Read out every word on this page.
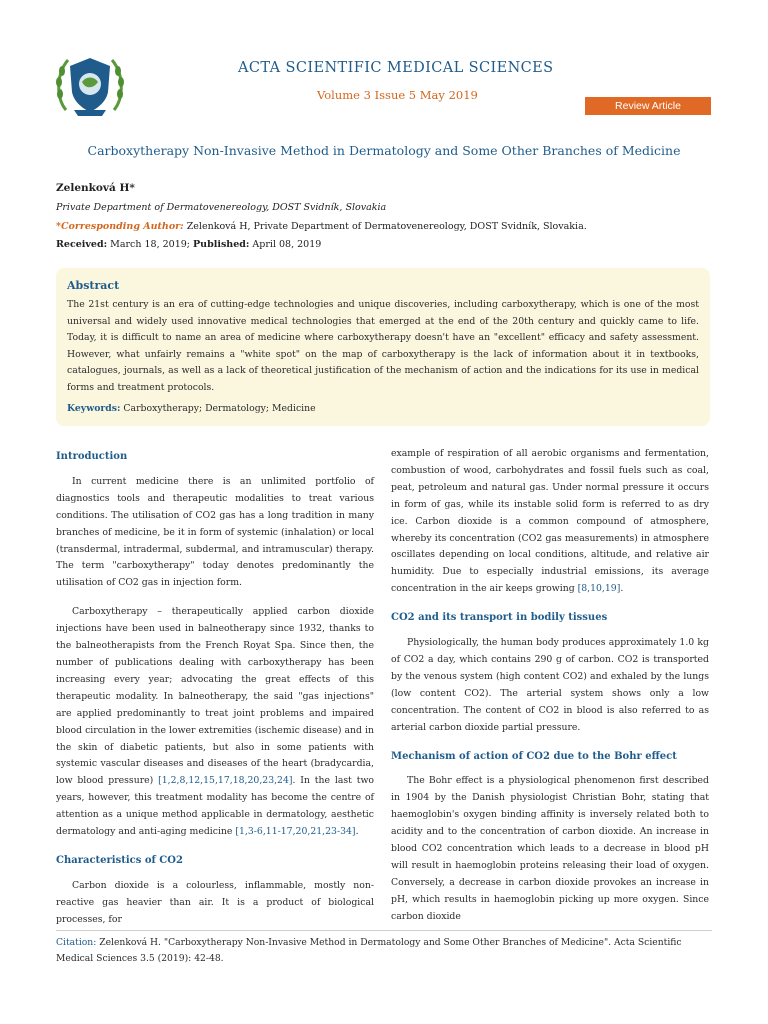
ACTA SCIENTIFIC MEDICAL SCIENCES
Volume 3 Issue 5 May 2019
Review Article
Carboxytherapy Non-Invasive Method in Dermatology and Some Other Branches of Medicine
Zelenková H*
Private Department of Dermatovenereology, DOST Svidník, Slovakia
*Corresponding Author: Zelenková H, Private Department of Dermatovenereology, DOST Svidník, Slovakia.
Received: March 18, 2019; Published: April 08, 2019
Abstract
The 21st century is an era of cutting-edge technologies and unique discoveries, including carboxytherapy, which is one of the most universal and widely used innovative medical technologies that emerged at the end of the 20th century and quickly came to life. Today, it is difficult to name an area of medicine where carboxytherapy doesn't have an "excellent" efficacy and safety assessment. However, what unfairly remains a "white spot" on the map of carboxytherapy is the lack of information about it in textbooks, catalogues, journals, as well as a lack of theoretical justification of the mechanism of action and the indications for its use in medical forms and treatment protocols.
Keywords: Carboxytherapy; Dermatology; Medicine
Introduction

In current medicine there is an unlimited portfolio of diagnostics tools and therapeutic modalities to treat various conditions. The utilisation of CO2 gas has a long tradition in many branches of medicine, be it in form of systemic (inhalation) or local (transdermal, intradermal, subdermal, and intramuscular) therapy. The term "carboxytherapy" today denotes predominantly the utilisation of CO2 gas in injection form.

Carboxytherapy – therapeutically applied carbon dioxide injections have been used in balneotherapy since 1932, thanks to the balneotherapists from the French Royat Spa. Since then, the number of publications dealing with carboxytherapy has been increasing every year; advocating the great effects of this therapeutic modality. In balneotherapy, the said "gas injections" are applied predominantly to treat joint problems and impaired blood circulation in the lower extremities (ischemic disease) and in the skin of diabetic patients, but also in some patients with systemic vascular diseases and diseases of the heart (bradycardia, low blood pressure) [1,2,8,12,15,17,18,20,23,24]. In the last two years, however, this treatment modality has become the centre of attention as a unique method applicable in dermatology, aesthetic dermatology and anti-aging medicine [1,3-6,11-17,20,21,23-34].

Characteristics of CO2

Carbon dioxide is a colourless, inflammable, mostly non-reactive gas heavier than air. It is a product of biological processes, for

example of respiration of all aerobic organisms and fermentation, combustion of wood, carbohydrates and fossil fuels such as coal, peat, petroleum and natural gas. Under normal pressure it occurs in form of gas, while its instable solid form is referred to as dry ice. Carbon dioxide is a common compound of atmosphere, whereby its concentration (CO2 gas measurements) in atmosphere oscillates depending on local conditions, altitude, and relative air humidity. Due to especially industrial emissions, its average concentration in the air keeps growing [8,10,19].

CO2 and its transport in bodily tissues

Physiologically, the human body produces approximately 1.0 kg of CO2 a day, which contains 290 g of carbon. CO2 is transported by the venous system (high content CO2) and exhaled by the lungs (low content CO2). The arterial system shows only a low concentration. The content of CO2 in blood is also referred to as arterial carbon dioxide partial pressure.

Mechanism of action of CO2 due to the Bohr effect

The Bohr effect is a physiological phenomenon first described in 1904 by the Danish physiologist Christian Bohr, stating that haemoglobin's oxygen binding affinity is inversely related both to acidity and to the concentration of carbon dioxide. An increase in blood CO2 concentration which leads to a decrease in blood pH will result in haemoglobin proteins releasing their load of oxygen. Conversely, a decrease in carbon dioxide provokes an increase in pH, which results in haemoglobin picking up more oxygen. Since carbon dioxide

Citation: Zelenková H. "Carboxytherapy Non-Invasive Method in Dermatology and Some Other Branches of Medicine". Acta Scientific Medical Sciences 3.5 (2019): 42-48.
